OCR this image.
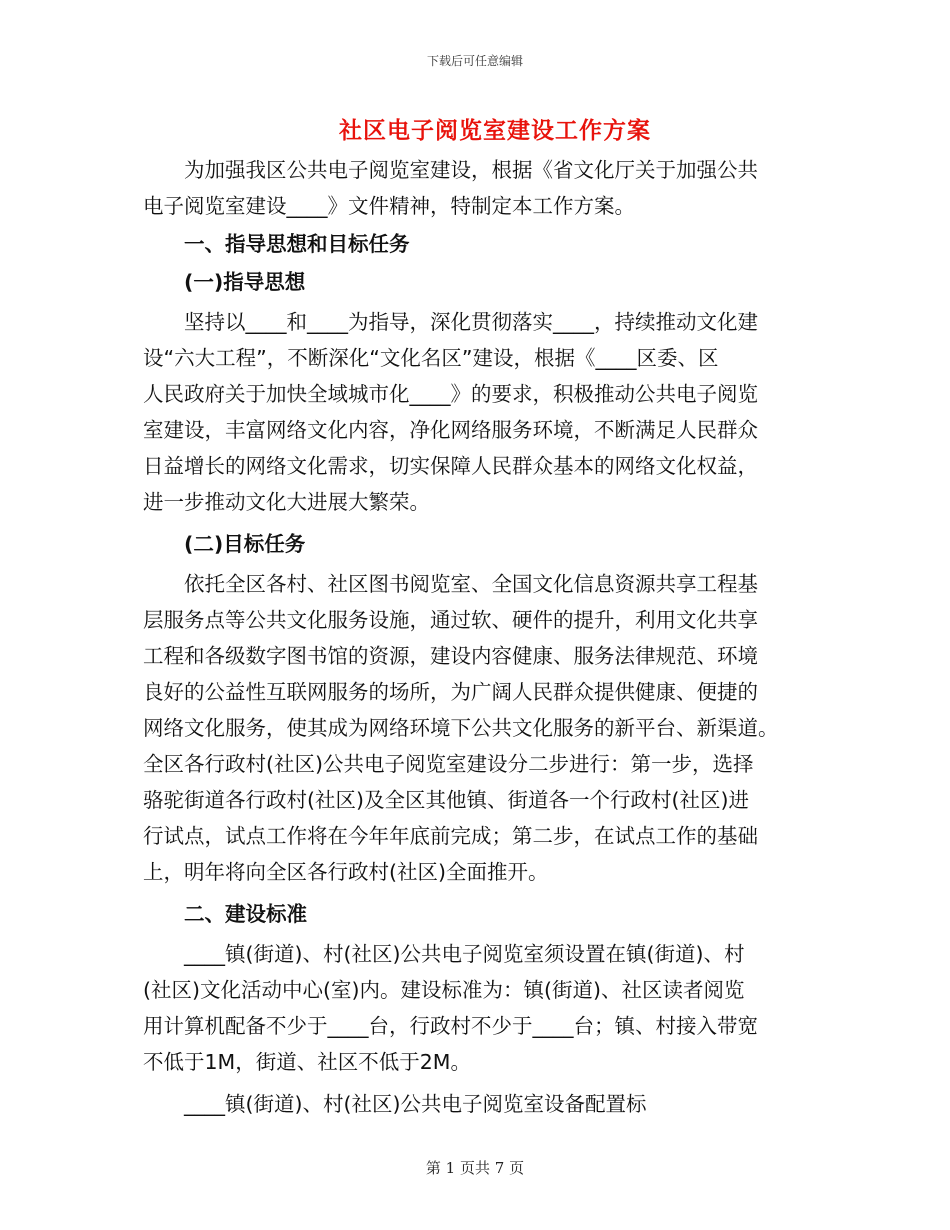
下载后可任意编辑
社区电子阅览室建设工作方案

为加强我区公共电子阅览室建设，根据《省文化厅关于加强公共
电子阅览室建设____》文件精神，特制定本工作方案。

一、指导思想和目标任务

(一)指导思想

坚持以____和____为指导，深化贯彻落实____，持续推动文化建
设“六大工程”，不断深化“文化名区”建设，根据《____区委、区
人民政府关于加快全域城市化____》的要求，积极推动公共电子阅览
室建设，丰富网络文化内容，净化网络服务环境，不断满足人民群众
日益增长的网络文化需求，切实保障人民群众基本的网络文化权益，
进一步推动文化大进展大繁荣。

(二)目标任务

依托全区各村、社区图书阅览室、全国文化信息资源共享工程基
层服务点等公共文化服务设施，通过软、硬件的提升，利用文化共享
工程和各级数字图书馆的资源，建设内容健康、服务法律规范、环境
良好的公益性互联网服务的场所，为广阔人民群众提供健康、便捷的
网络文化服务，使其成为网络环境下公共文化服务的新平台、新渠道。
全区各行政村(社区)公共电子阅览室建设分二步进行：第一步，选择
骆驼街道各行政村(社区)及全区其他镇、街道各一个行政村(社区)进
行试点，试点工作将在今年年底前完成；第二步，在试点工作的基础
上，明年将向全区各行政村(社区)全面推开。

二、建设标准

____镇(街道)、村(社区)公共电子阅览室须设置在镇(街道)、村
(社区)文化活动中心(室)内。建设标准为：镇(街道)、社区读者阅览
用计算机配备不少于____台，行政村不少于____台；镇、村接入带宽
不低于1M，街道、社区不低于2M。

____镇(街道)、村(社区)公共电子阅览室设备配置标

第 1 页共 7 页
